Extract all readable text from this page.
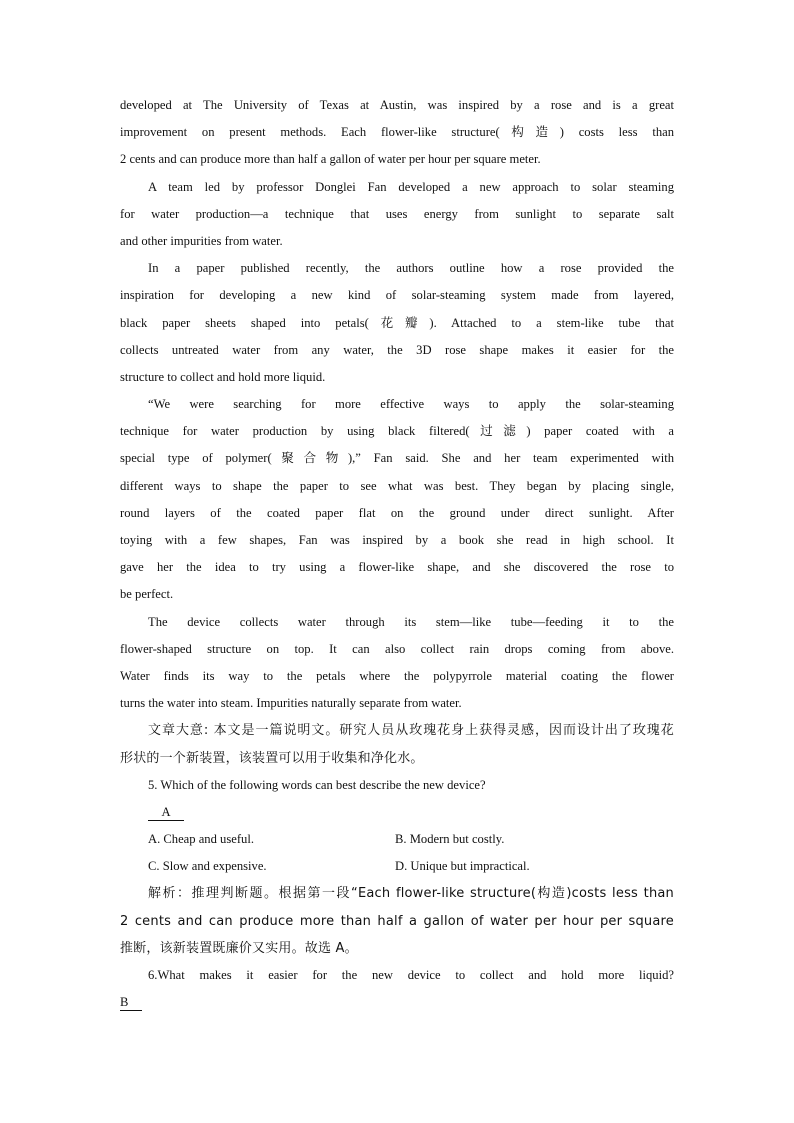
developed at The University of Texas at Austin, was inspired by a rose and is a great
improvement on present methods. Each flower-like structure(构造) costs less than
2 cents and can produce more than half a gallon of water per hour per square meter.
A team led by professor Donglei Fan developed a new approach to solar steaming
for water production—a technique that uses energy from sunlight to separate salt
and other impurities from water.
In a paper published recently, the authors outline how a rose provided the
inspiration for developing a new kind of solar-steaming system made from layered,
black paper sheets shaped into petals(花瓣). Attached to a stem-like tube that
collects untreated water from any water, the 3D rose shape makes it easier for the
structure to collect and hold more liquid.
“We were searching for more effective ways to apply the solar-steaming
technique for water production by using black filtered(过滤) paper coated with a
special type of polymer(聚合物),” Fan said. She and her team experimented with
different ways to shape the paper to see what was best. They began by placing single,
round layers of the coated paper flat on the ground under direct sunlight. After
toying with a few shapes, Fan was inspired by a book she read in high school. It
gave her the idea to try using a flower-like shape, and she discovered the rose to
be perfect.
The device collects water through its stem—like tube—feeding it to the
flower-shaped structure on top. It can also collect rain drops coming from above.
Water finds its way to the petals where the polypyrrole material coating the flower
turns the water into steam. Impurities naturally separate from water.
文章大意: 本文是一篇说明文。研究人员从玫瑰花身上获得灵感，因而设计出了玫瑰花
形状的一个新装置，该装置可以用于收集和净化水。
5. Which of the following words can best describe the new device?
A
A. Cheap and useful.	B. Modern but costly.
C. Slow and expensive.	D. Unique but impractical.
解析：推理判断题。根据第一段“Each flower-like structure(构造)costs less than
2 cents and can produce more than half a gallon of water per hour per square
推断，该新装置既廉价又实用。故选 A。
6.What makes it easier for the new device to collect and hold more liquid?
B
